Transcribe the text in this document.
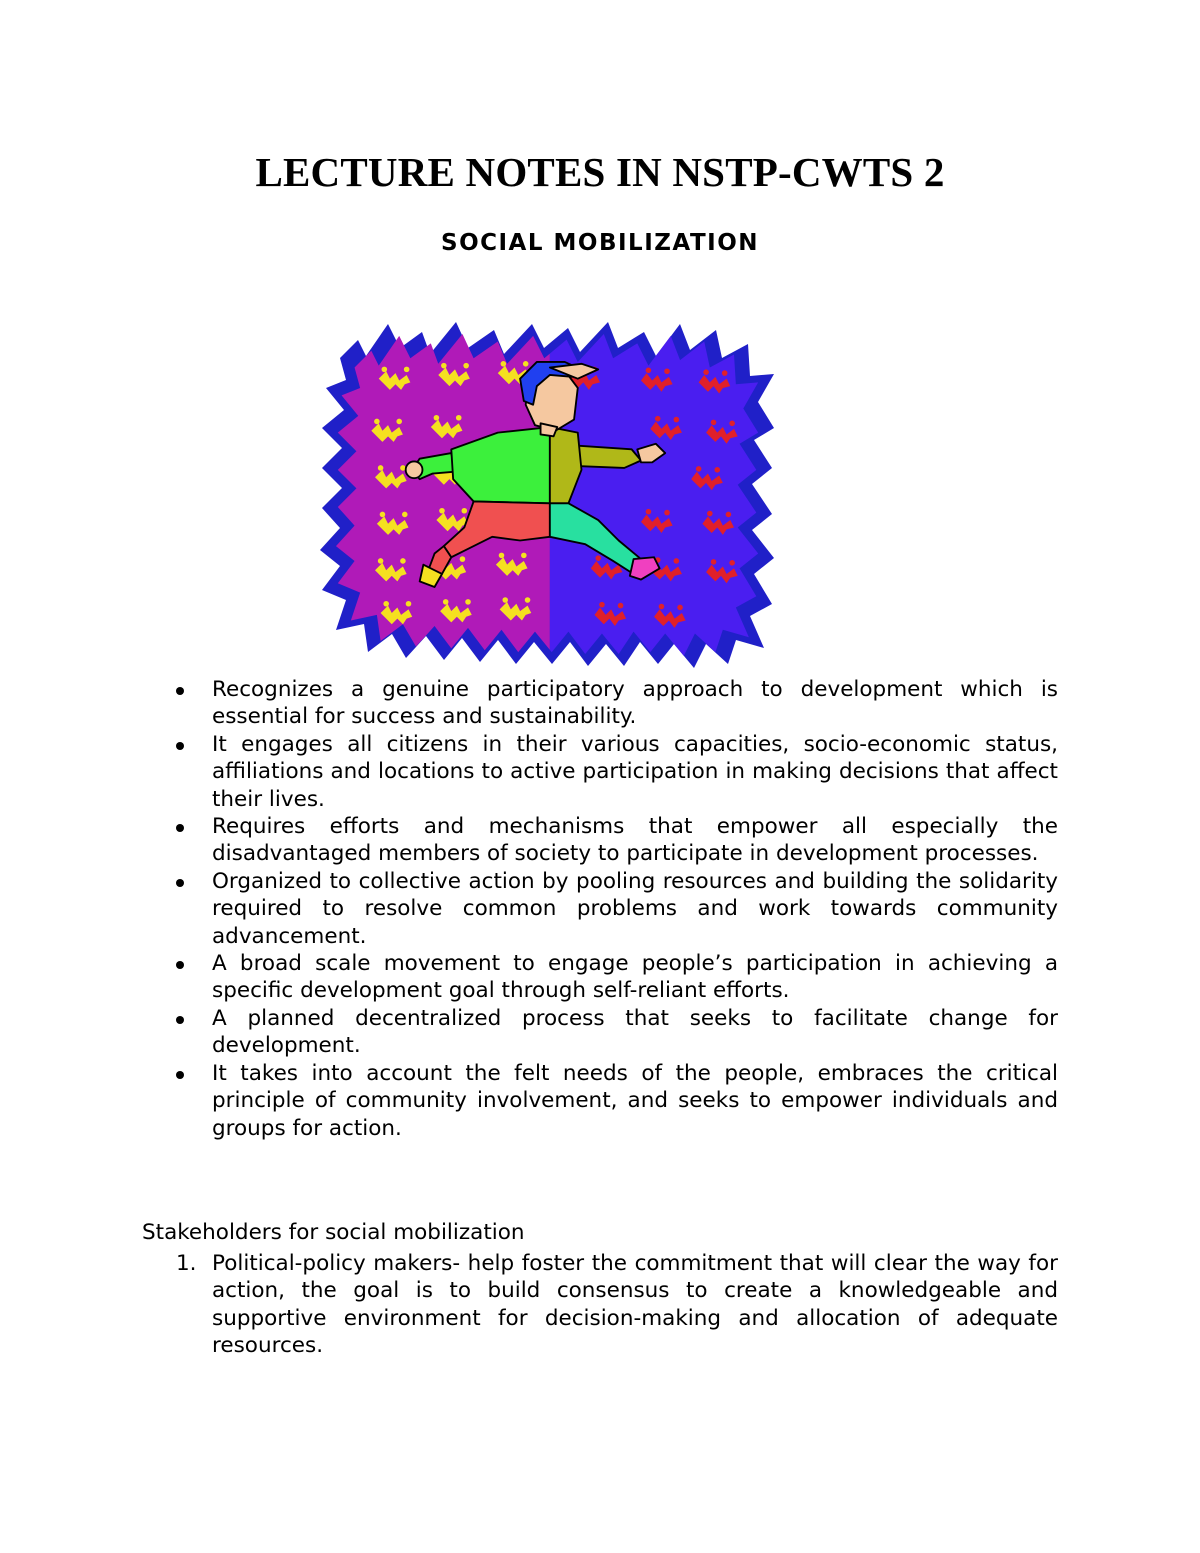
LECTURE NOTES IN NSTP-CWTS 2
SOCIAL MOBILIZATION
Recognizes a genuine participatory approach to development which is essential for success and sustainability.
It engages all citizens in their various capacities, socio-economic status, affiliations and locations to active participation in making decisions that affect their lives.
Requires efforts and mechanisms that empower all especially the disadvantaged members of society to participate in development processes.
Organized to collective action by pooling resources and building the solidarity required to resolve common problems and work towards community advancement.
A broad scale movement to engage people’s participation in achieving a specific development goal through self-reliant efforts.
A planned decentralized process that seeks to facilitate change for development.
It takes into account the felt needs of the people, embraces the critical principle of community involvement, and seeks to empower individuals and groups for action.

Stakeholders for social mobilization

1. Political-policy makers- help foster the commitment that will clear the way for action, the goal is to build consensus to create a knowledgeable and supportive environment for decision-making and allocation of adequate resources.
